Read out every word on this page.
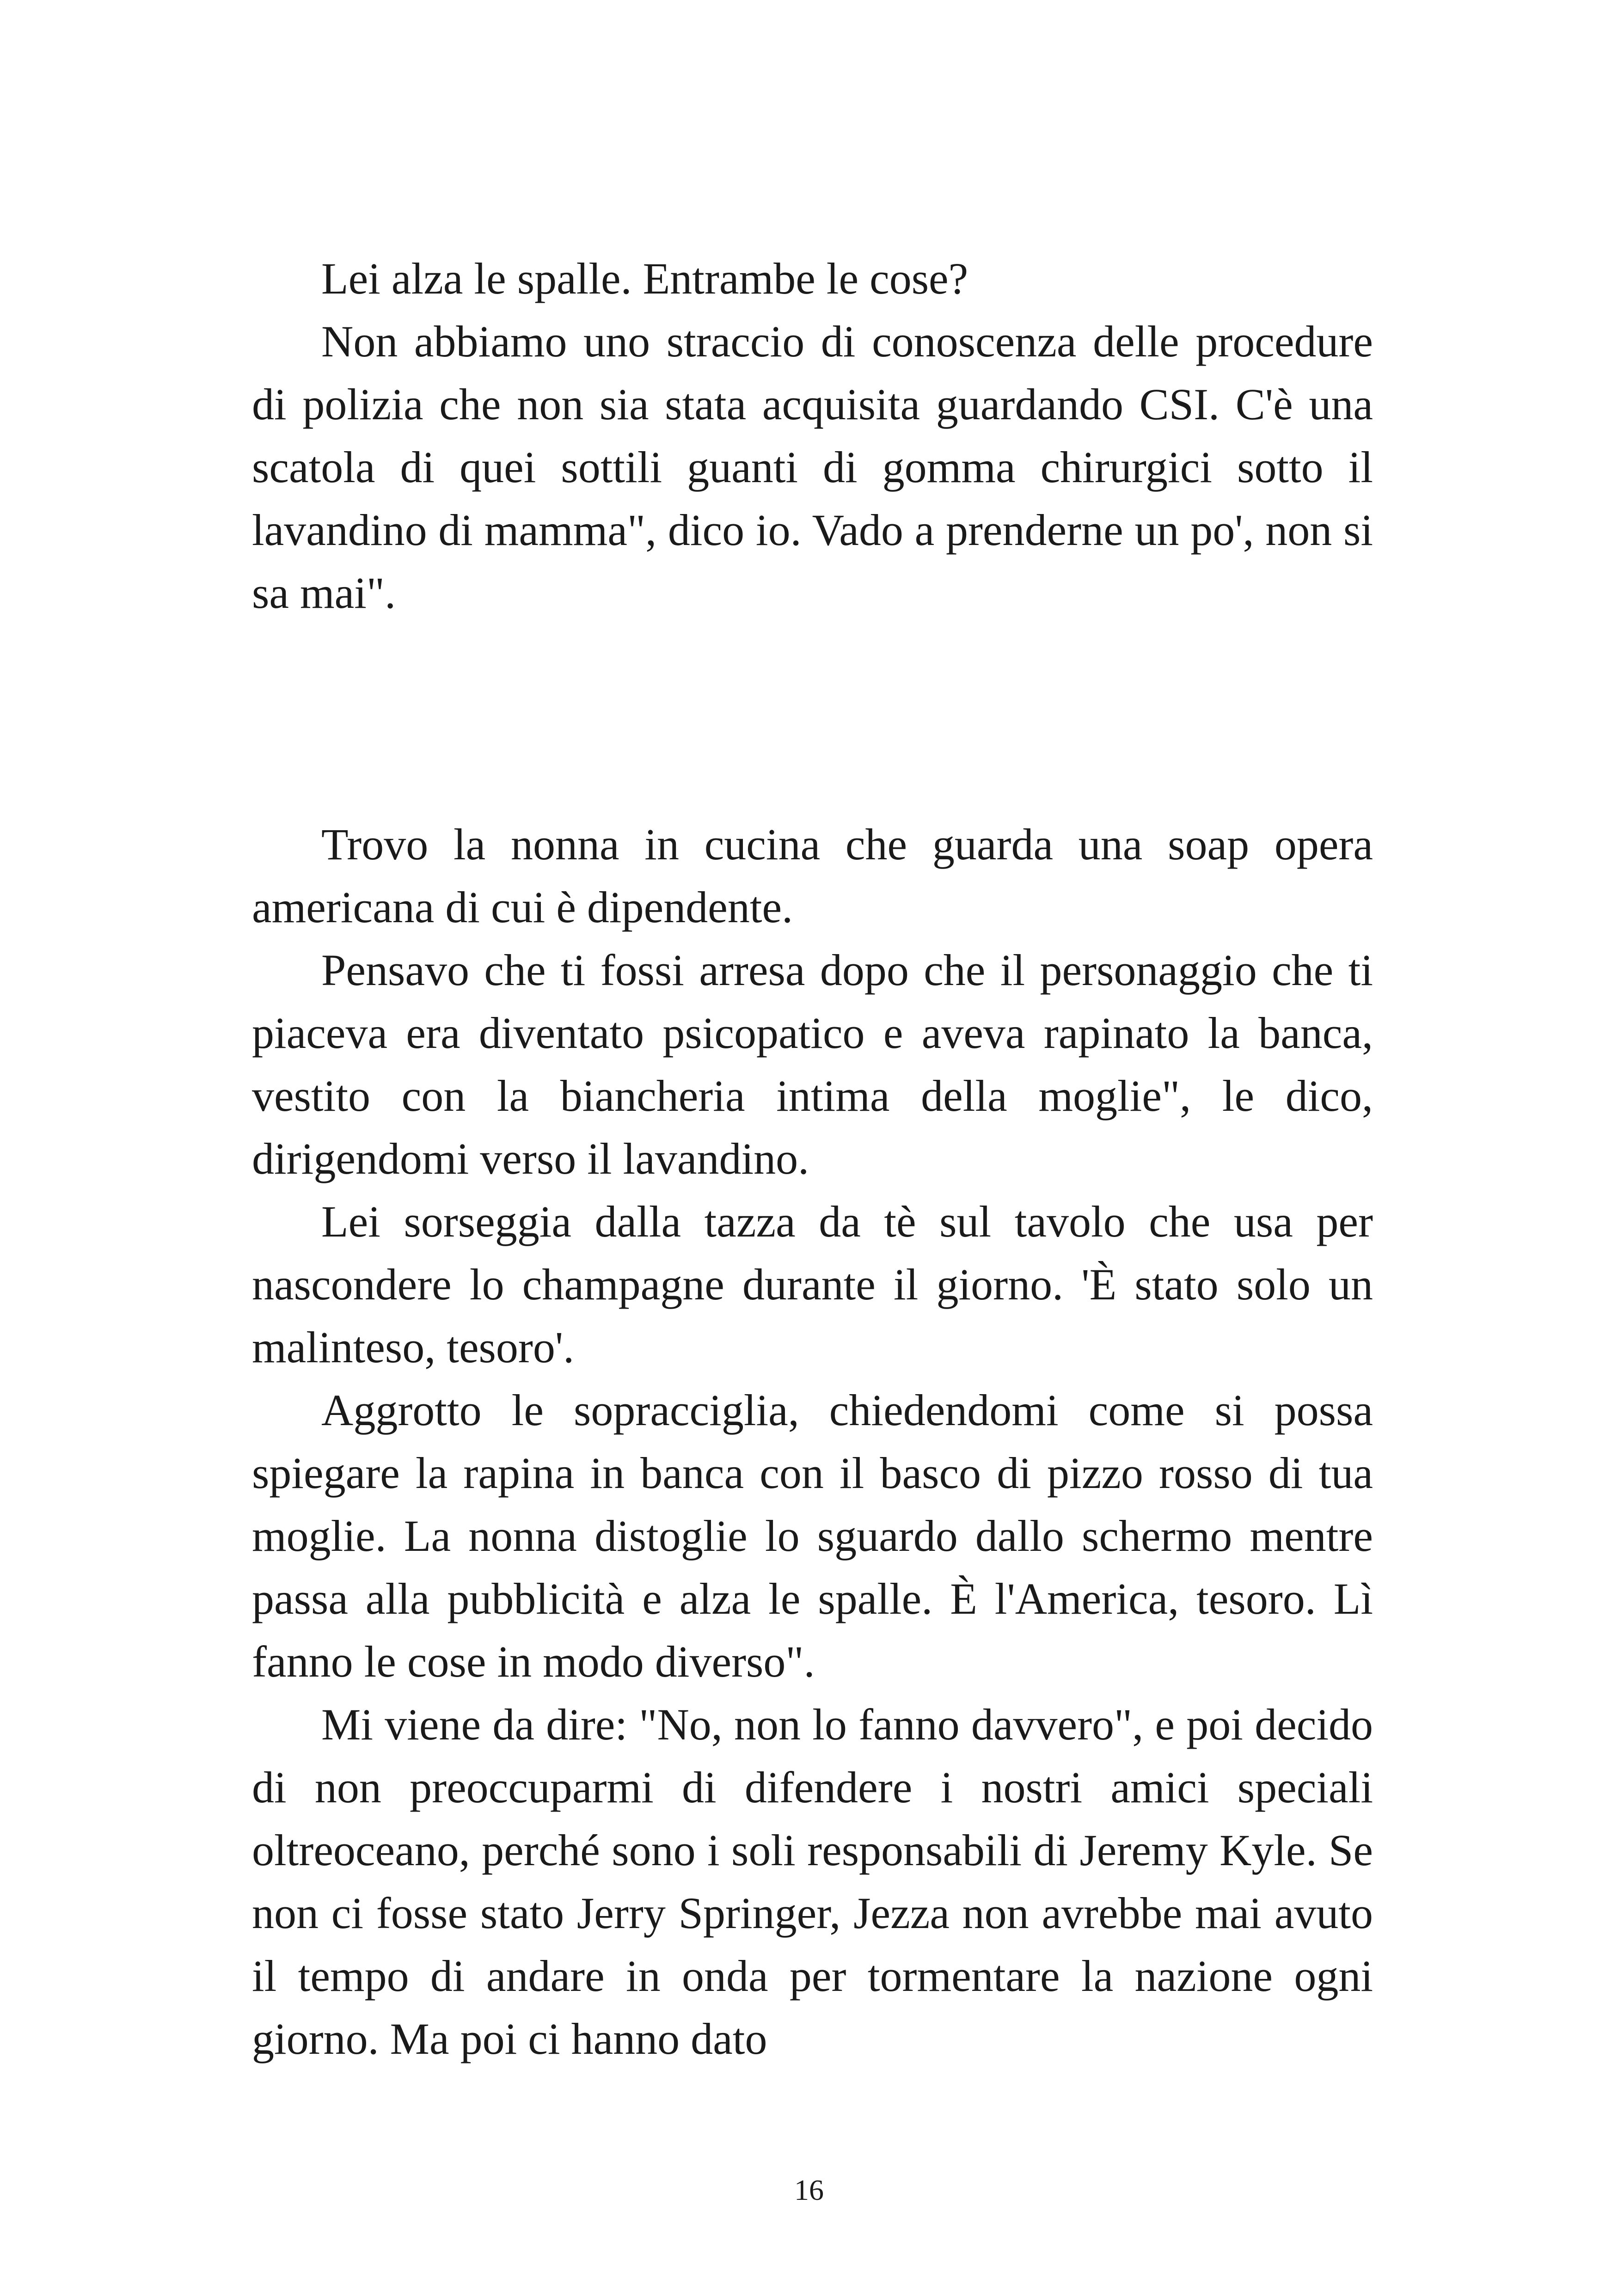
Lei alza le spalle. Entrambe le cose?

Non abbiamo uno straccio di conoscenza delle procedure di polizia che non sia stata acquisita guardando CSI. C'è una scatola di quei sottili guanti di gomma chirurgici sotto il lavandino di mamma", dico io. Vado a prenderne un po', non si sa mai".

Trovo la nonna in cucina che guarda una soap opera americana di cui è dipendente.

Pensavo che ti fossi arresa dopo che il personaggio che ti piaceva era diventato psicopatico e aveva rapinato la banca, vestito con la biancheria intima della moglie", le dico, dirigendomi verso il lavandino.

Lei sorseggia dalla tazza da tè sul tavolo che usa per nascondere lo champagne durante il giorno. 'È stato solo un malinteso, tesoro'.

Aggrotto le sopracciglia, chiedendomi come si possa spiegare la rapina in banca con il basco di pizzo rosso di tua moglie. La nonna distoglie lo sguardo dallo schermo mentre passa alla pubblicità e alza le spalle. È l'America, tesoro. Lì fanno le cose in modo diverso".

Mi viene da dire: "No, non lo fanno davvero", e poi decido di non preoccuparmi di difendere i nostri amici speciali oltreoceano, perché sono i soli responsabili di Jeremy Kyle. Se non ci fosse stato Jerry Springer, Jezza non avrebbe mai avuto il tempo di andare in onda per tormentare la nazione ogni giorno. Ma poi ci hanno dato

16
